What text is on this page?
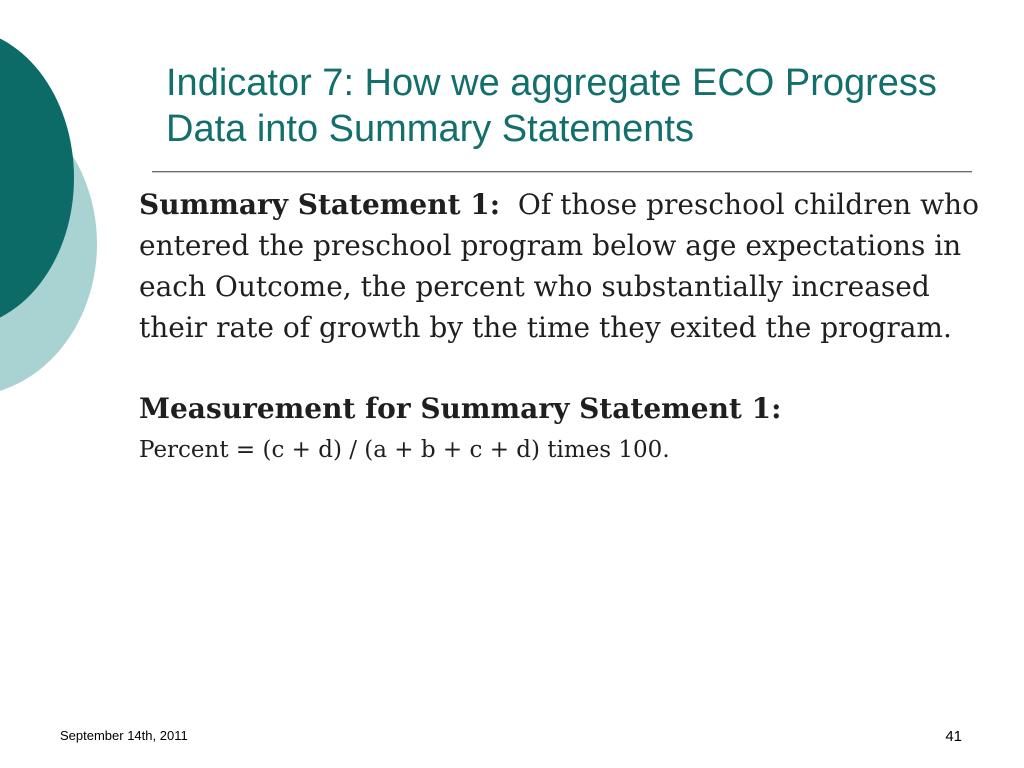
Indicator 7: How we aggregate ECO Progress Data into Summary Statements

Summary Statement 1: Of those preschool children who entered the preschool program below age expectations in each Outcome, the percent who substantially increased their rate of growth by the time they exited the program.

Measurement for Summary Statement 1:

Percent = (c + d) / (a + b + c + d) times 100.

September 14th, 2011	41
